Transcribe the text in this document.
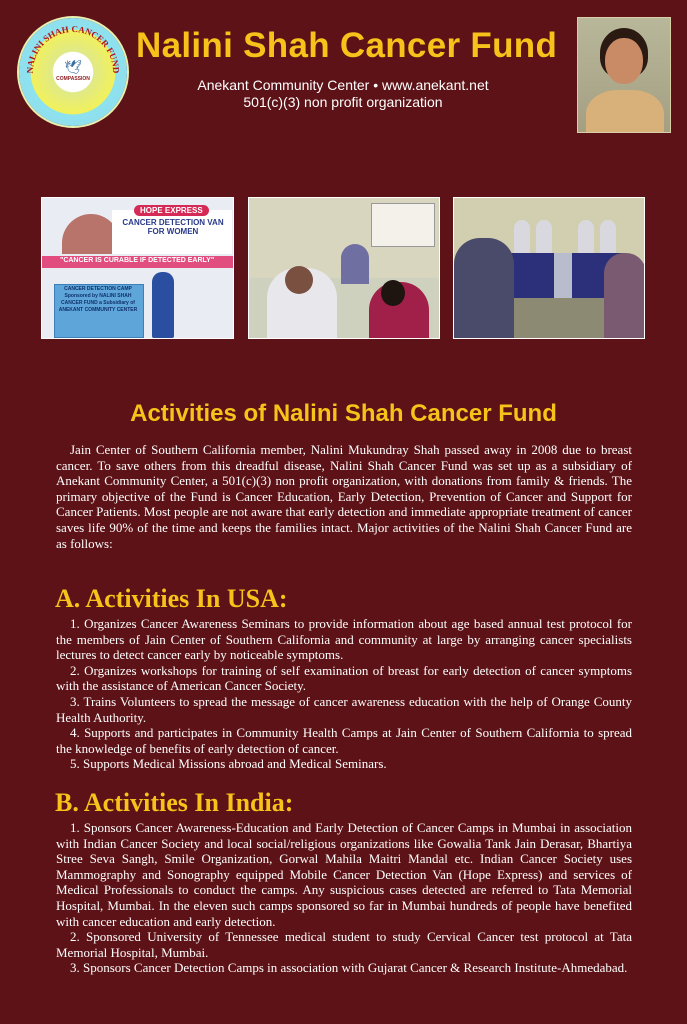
NALINI SHAH CANCER FUND
🕊
COMPASSION
Nalini Shah Cancer Fund
Anekant Community Center • www.anekant.net
501(c)(3) non profit organization
HOPE EXPRESS
CANCER DETECTION VAN FOR WOMEN
"CANCER IS CURABLE IF DETECTED EARLY"
CANCER DETECTION CAMP Sponsored by NALINI SHAH CANCER FUND a Subsidiary of ANEKANT COMMUNITY CENTER
Activities of Nalini Shah Cancer Fund

Jain Center of Southern California member, Nalini Mukundray Shah passed away in 2008 due to breast cancer. To save others from this dreadful disease, Nalini Shah Cancer Fund was set up as a subsidiary of Anekant Community Center, a 501(c)(3) non profit organization, with donations from family & friends. The primary objective of the Fund is Cancer Education, Early Detection, Prevention of Cancer and Support for Cancer Patients. Most people are not aware that early detection and immediate appropriate treatment of cancer saves life 90% of the time and keeps the families intact. Major activities of the Nalini Shah Cancer Fund are as follows:

A. Activities In USA:

1. Organizes Cancer Awareness Seminars to provide information about age based annual test protocol for the members of Jain Center of Southern California and community at large by arranging cancer specialists lectures to detect cancer early by noticeable symptoms.

2. Organizes workshops for training of self examination of breast for early detection of cancer symptoms with the assistance of American Cancer Society.

3. Trains Volunteers to spread the message of cancer awareness education with the help of Orange County Health Authority.

4. Supports and participates in Community Health Camps at Jain Center of Southern California to spread the knowledge of benefits of early detection of cancer.

5. Supports Medical Missions abroad and Medical Seminars.

B. Activities In India:

1. Sponsors Cancer Awareness-Education and Early Detection of Cancer Camps in Mumbai in association with Indian Cancer Society and local social/religious organizations like Gowalia Tank Jain Derasar, Bhartiya Stree Seva Sangh, Smile Organization, Gorwal Mahila Maitri Mandal etc. Indian Cancer Society uses Mammography and Sonography equipped Mobile Cancer Detection Van (Hope Express) and services of Medical Professionals to conduct the camps. Any suspicious cases detected are referred to Tata Memorial Hospital, Mumbai. In the eleven such camps sponsored so far in Mumbai hundreds of people have benefited with cancer education and early detection.

2. Sponsored University of Tennessee medical student to study Cervical Cancer test protocol at Tata Memorial Hospital, Mumbai.

3. Sponsors Cancer Detection Camps in association with Gujarat Cancer & Research Institute-Ahmedabad.
